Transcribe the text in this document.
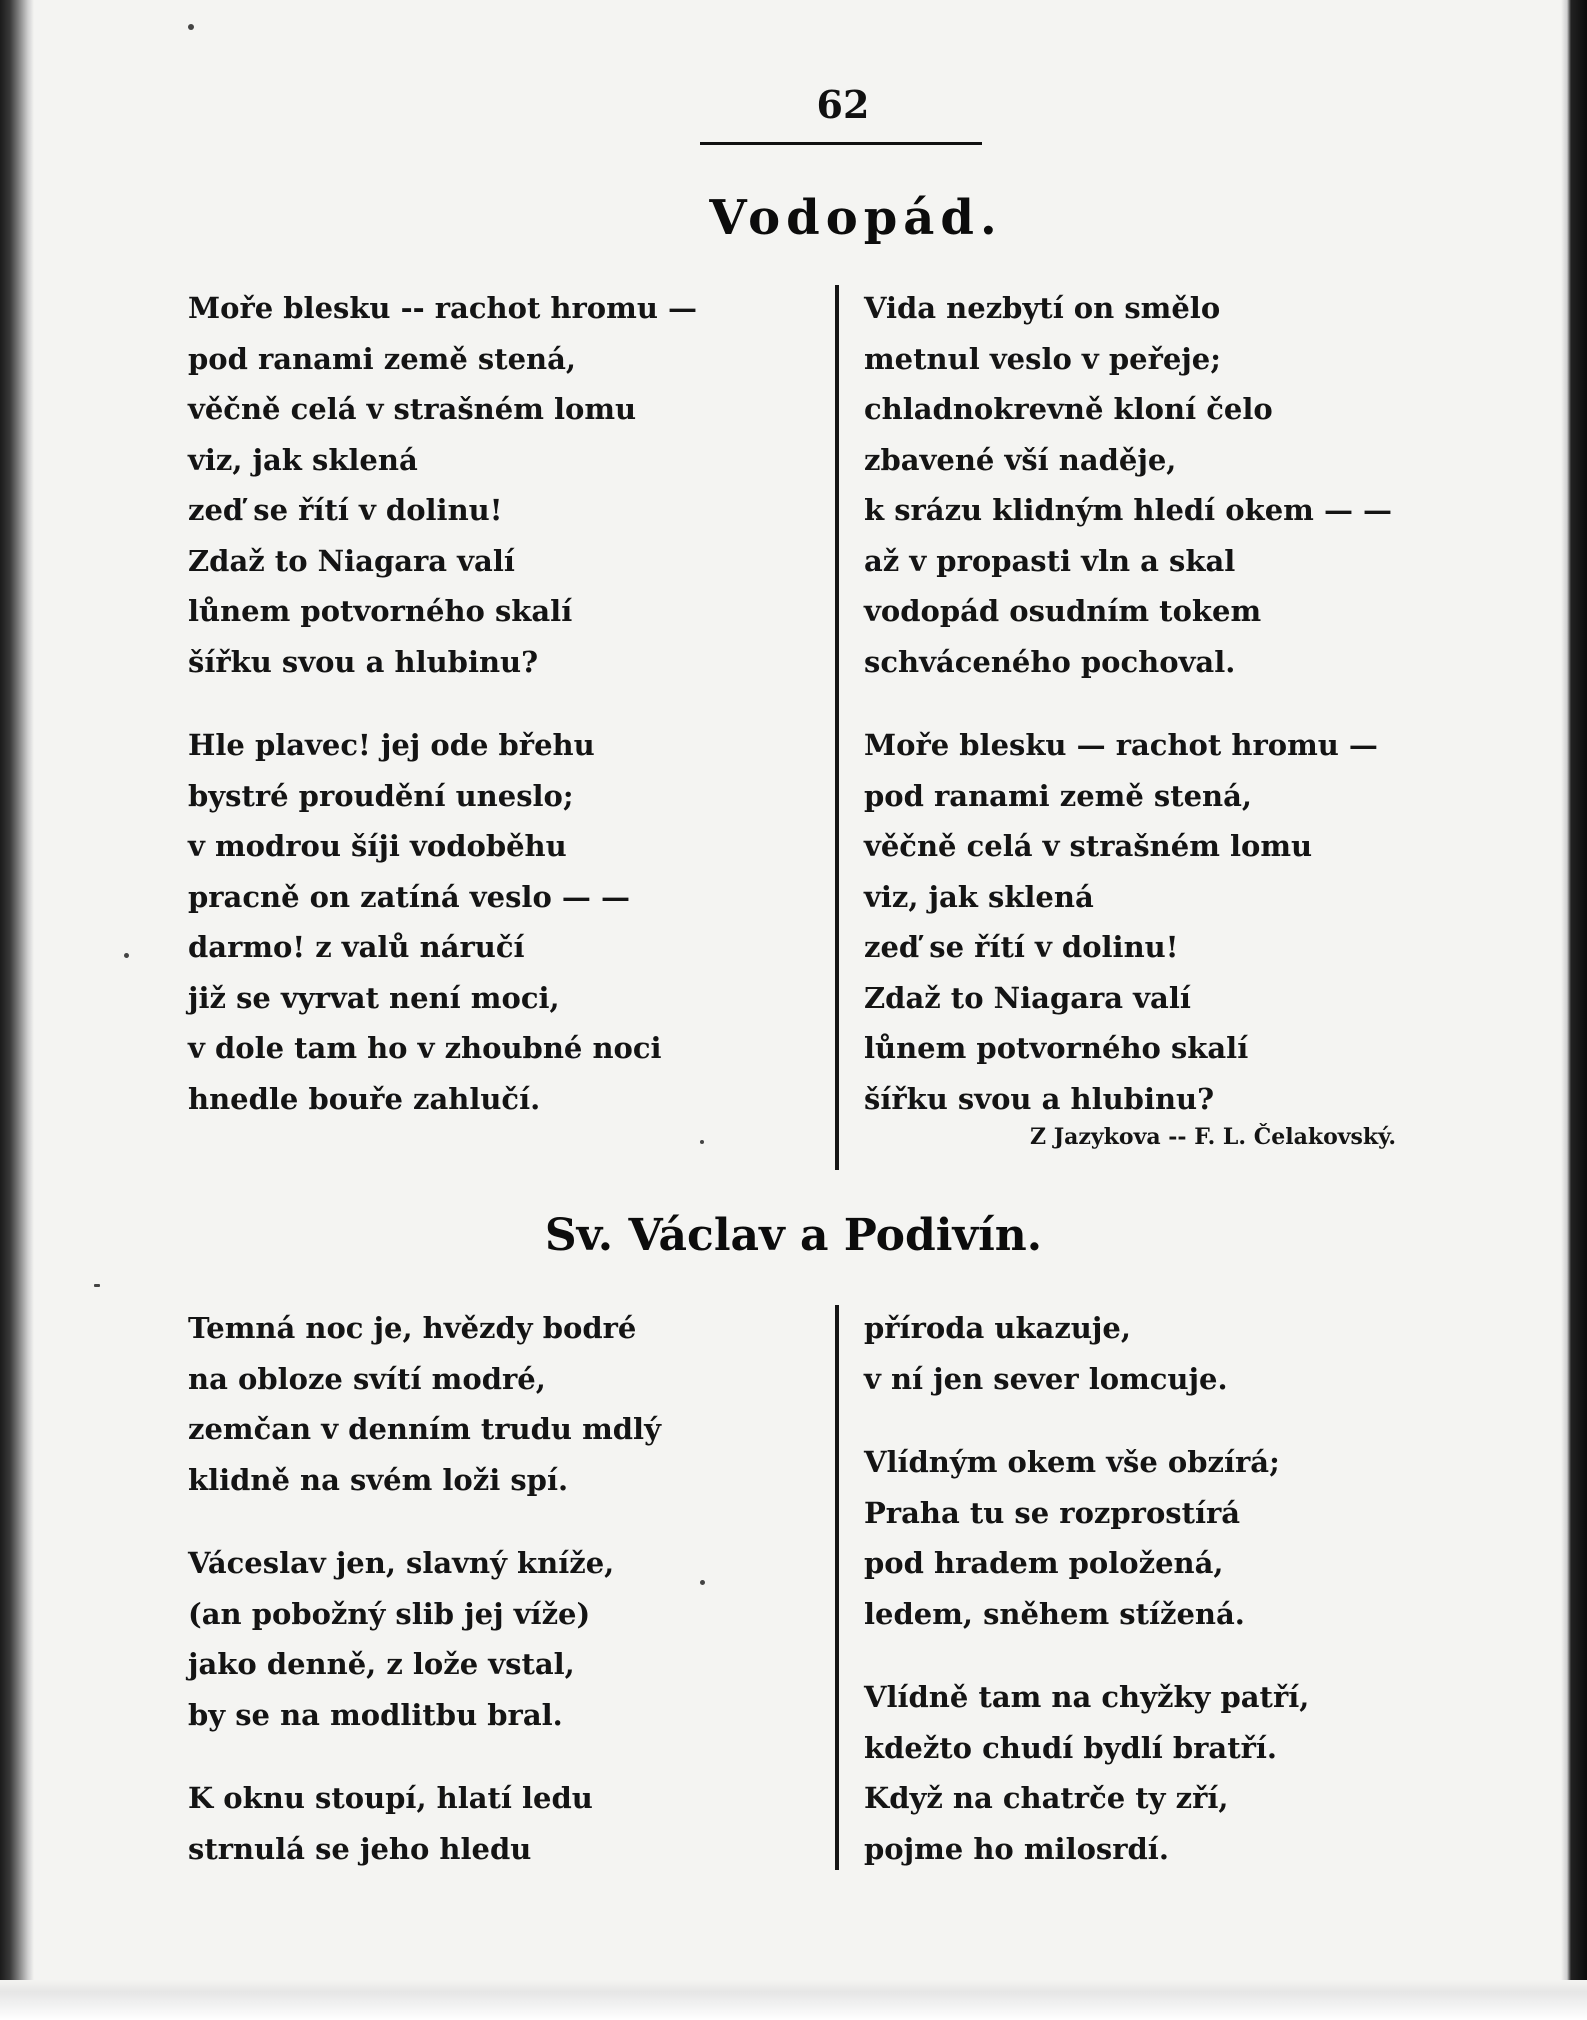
62
Vodopád.
Moře blesku -- rachot hromu —
pod ranami země stená,
věčně celá v strašném lomu
viz, jak sklená
zeď se řítí v dolinu!
Zdaž to Niagara valí
lůnem potvorného skalí
šířku svou a hlubinu?
Hle plavec! jej ode břehu
bystré proudění uneslo;
v modrou šíji vodoběhu
pracně on zatíná veslo — —
darmo! z valů náručí
již se vyrvat není moci,
v dole tam ho v zhoubné noci
hnedle bouře zahlučí.
Vida nezbytí on smělo
metnul veslo v peřeje;
chladnokrevně kloní čelo
zbavené vší naděje,
k srázu klidným hledí okem — —
až v propasti vln a skal
vodopád osudním tokem
schváceného pochoval.
Moře blesku — rachot hromu —
pod ranami země stená,
věčně celá v strašném lomu
viz, jak sklená
zeď se řítí v dolinu!
Zdaž to Niagara valí
lůnem potvorného skalí
šířku svou a hlubinu?
Z Jazykova -- F. L. Čelakovský.
Sv. Václav a Podivín.
Temná noc je, hvězdy bodré
na obloze svítí modré,
zemčan v denním trudu mdlý
klidně na svém loži spí.
Váceslav jen, slavný kníže,
(an pobožný slib jej víže)
jako denně, z lože vstal,
by se na modlitbu bral.
K oknu stoupí, hlatí ledu
strnulá se jeho hledu
příroda ukazuje,
v ní jen sever lomcuje.
Vlídným okem vše obzírá;
Praha tu se rozprostírá
pod hradem položená,
ledem, sněhem stížená.
Vlídně tam na chyžky patří,
kdežto chudí bydlí bratří.
Když na chatrče ty zří,
pojme ho milosrdí.
